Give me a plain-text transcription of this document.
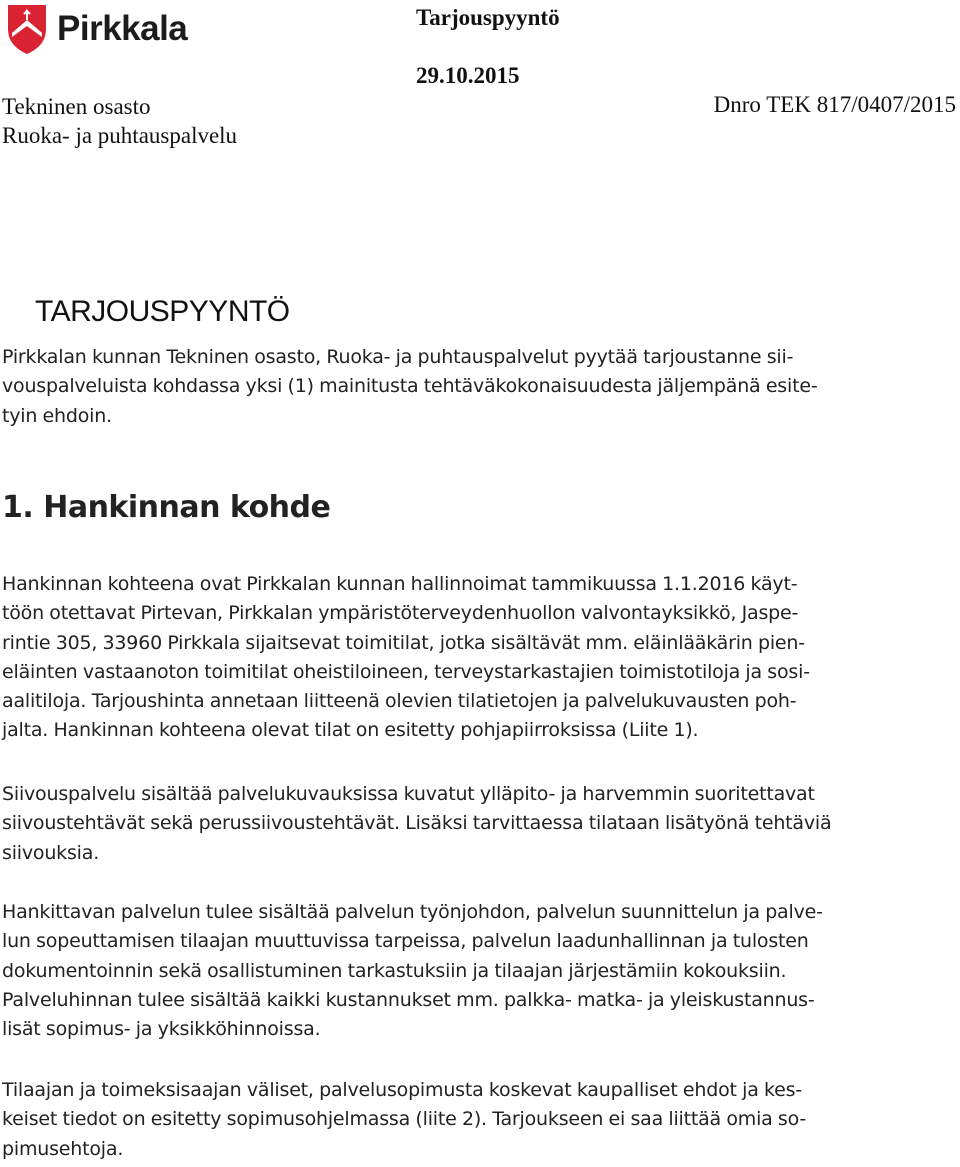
Pirkkala	Tarjouspyyntö
29.10.2015
Tekninen osasto
Ruoka- ja puhtauspalvelu
Dnro TEK 817/0407/2015
TARJOUSPYYNTÖ

Pirkkalan kunnan Tekninen osasto, Ruoka- ja puhtauspalvelut pyytää tarjoustanne sii-
vouspalveluista kohdassa yksi (1) mainitusta tehtäväkokonaisuudesta jäljempänä esite-
tyin ehdoin.

1. Hankinnan kohde

Hankinnan kohteena ovat Pirkkalan kunnan hallinnoimat tammikuussa 1.1.2016 käyt-
töön otettavat Pirtevan, Pirkkalan ympäristöterveydenhuollon valvontayksikkö, Jaspe-
rintie 305, 33960 Pirkkala sijaitsevat toimitilat, jotka sisältävät mm. eläinlääkärin pien-
eläinten vastaanoton toimitilat oheistiloineen, terveystarkastajien toimistotiloja ja sosi-
aalitiloja. Tarjoushinta annetaan liitteenä olevien tilatietojen ja palvelukuvausten poh-
jalta. Hankinnan kohteena olevat tilat on esitetty pohjapiirroksissa (Liite 1).

Siivouspalvelu sisältää palvelukuvauksissa kuvatut ylläpito- ja harvemmin suoritettavat
siivoustehtävät sekä perussiivoustehtävät. Lisäksi tarvittaessa tilataan lisätyönä tehtäviä
siivouksia.

Hankittavan palvelun tulee sisältää palvelun työnjohdon, palvelun suunnittelun ja palve-
lun sopeuttamisen tilaajan muuttuvissa tarpeissa, palvelun laadunhallinnan ja tulosten
dokumentoinnin sekä osallistuminen tarkastuksiin ja tilaajan järjestämiin kokouksiin.
Palveluhinnan tulee sisältää kaikki kustannukset mm. palkka- matka- ja yleiskustannus-
lisät sopimus- ja yksikköhinnoissa.

Tilaajan ja toimeksisaajan väliset, palvelusopimusta koskevat kaupalliset ehdot ja kes-
keiset tiedot on esitetty sopimusohjelmassa (liite 2). Tarjoukseen ei saa liittää omia so-
pimusehtoja.
